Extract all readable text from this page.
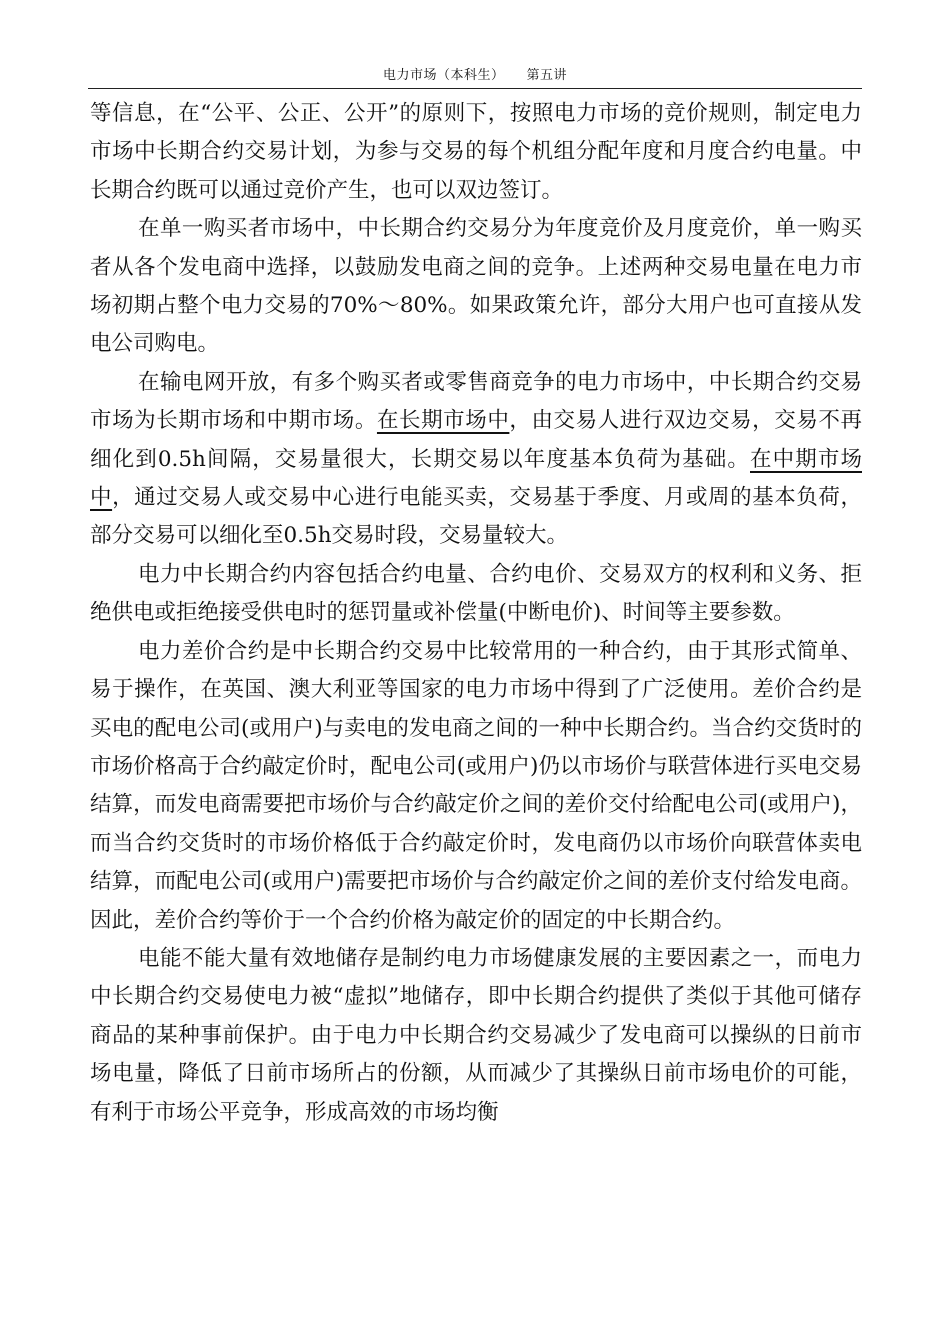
电力市场（本科生） 第五讲

等信息，在“公平、公正、公开”的原则下，按照电力市场的竞价规则，制定电力市场中长期合约交易计划，为参与交易的每个机组分配年度和月度合约电量。中长期合约既可以通过竞价产生，也可以双边签订。

在单一购买者市场中，中长期合约交易分为年度竞价及月度竞价，单一购买者从各个发电商中选择，以鼓励发电商之间的竞争。上述两种交易电量在电力市场初期占整个电力交易的70%～80%。如果政策允许，部分大用户也可直接从发电公司购电。

在输电网开放，有多个购买者或零售商竞争的电力市场中，中长期合约交易市场为长期市场和中期市场。在长期市场中，由交易人进行双边交易，交易不再细化到0.5h间隔，交易量很大，长期交易以年度基本负荷为基础。在中期市场中，通过交易人或交易中心进行电能买卖，交易基于季度、月或周的基本负荷，部分交易可以细化至0.5h交易时段，交易量较大。

电力中长期合约内容包括合约电量、合约电价、交易双方的权利和义务、拒绝供电或拒绝接受供电时的惩罚量或补偿量(中断电价)、时间等主要参数。

电力差价合约是中长期合约交易中比较常用的一种合约，由于其形式简单、易于操作，在英国、澳大利亚等国家的电力市场中得到了广泛使用。差价合约是买电的配电公司(或用户)与卖电的发电商之间的一种中长期合约。当合约交货时的市场价格高于合约敲定价时，配电公司(或用户)仍以市场价与联营体进行买电交易结算，而发电商需要把市场价与合约敲定价之间的差价交付给配电公司(或用户)，而当合约交货时的市场价格低于合约敲定价时，发电商仍以市场价向联营体卖电结算，而配电公司(或用户)需要把市场价与合约敲定价之间的差价支付给发电商。因此，差价合约等价于一个合约价格为敲定价的固定的中长期合约。

电能不能大量有效地储存是制约电力市场健康发展的主要因素之一，而电力中长期合约交易使电力被“虚拟”地储存，即中长期合约提供了类似于其他可储存商品的某种事前保护。由于电力中长期合约交易减少了发电商可以操纵的日前市场电量，降低了日前市场所占的份额，从而减少了其操纵日前市场电价的可能，有利于市场公平竞争，形成高效的市场均衡
